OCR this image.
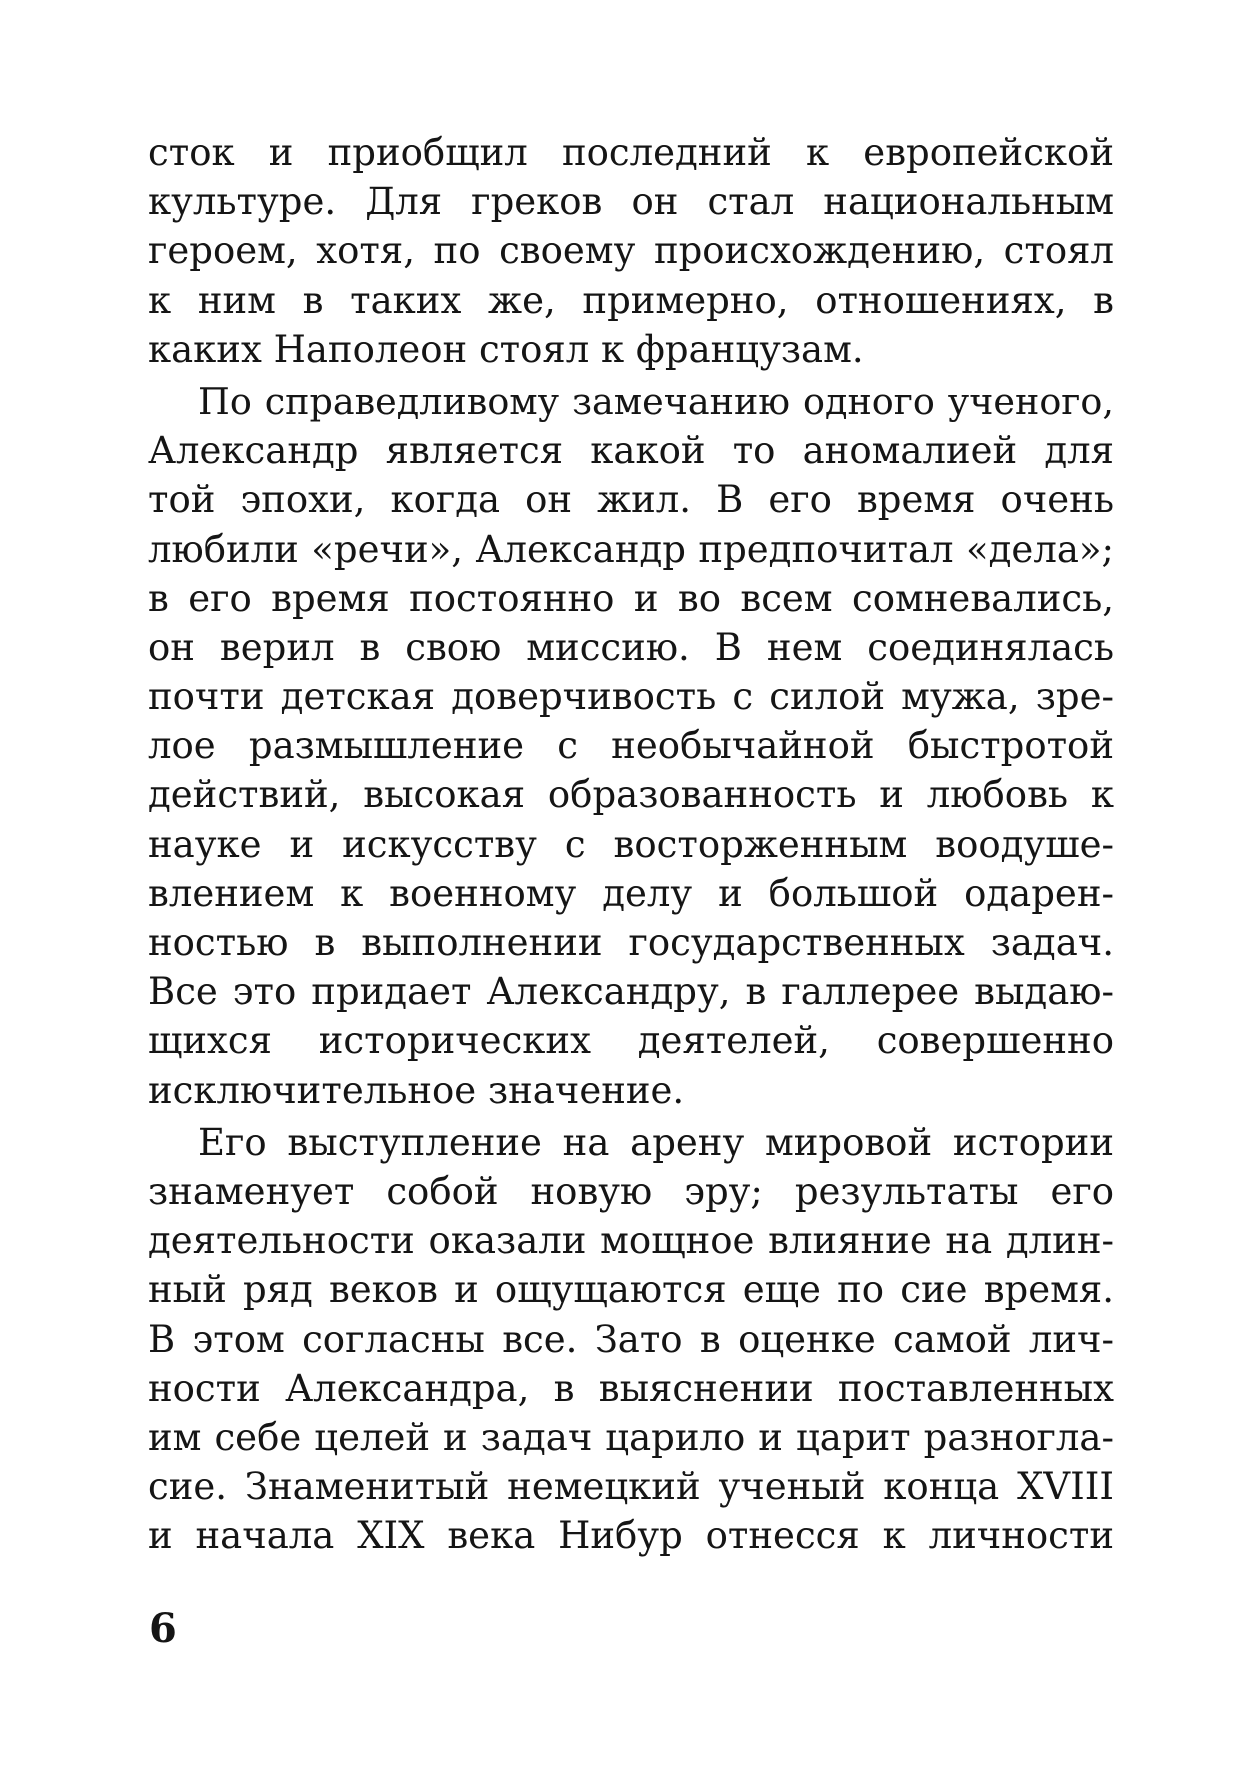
сток и приобщил последний к европейской
культуре. Для греков он стал национальным
героем, хотя, по своему происхождению, стоял
к ним в таких же, примерно, отношениях, в
каких Наполеон стоял к французам.
По справедливому замечанию одного ученого,
Александр является какой то аномалией для
той эпохи, когда он жил. В его время очень
любили «речи», Александр предпочитал «дела»;
в его время постоянно и во всем сомневались,
он верил в свою миссию. В нем соединялась
почти детская доверчивость с силой мужа, зре-
лое размышление с необычайной быстротой
действий, высокая образованность и любовь к
науке и искусству с восторженным воодуше-
влением к военному делу и большой одарен-
ностью в выполнении государственных задач.
Все это придает Александру, в галлерее выдаю-
щихся исторических деятелей, совершенно
исключительное значение.
Его выступление на арену мировой истории
знаменует собой новую эру; результаты его
деятельности оказали мощное влияние на длин-
ный ряд веков и ощущаются еще по сие время.
В этом согласны все. Зато в оценке самой лич-
ности Александра, в выяснении поставленных
им себе целей и задач царило и царит разногла-
сие. Знаменитый немецкий ученый конца XVIII
и начала XIX века Нибур отнесся к личности
6
